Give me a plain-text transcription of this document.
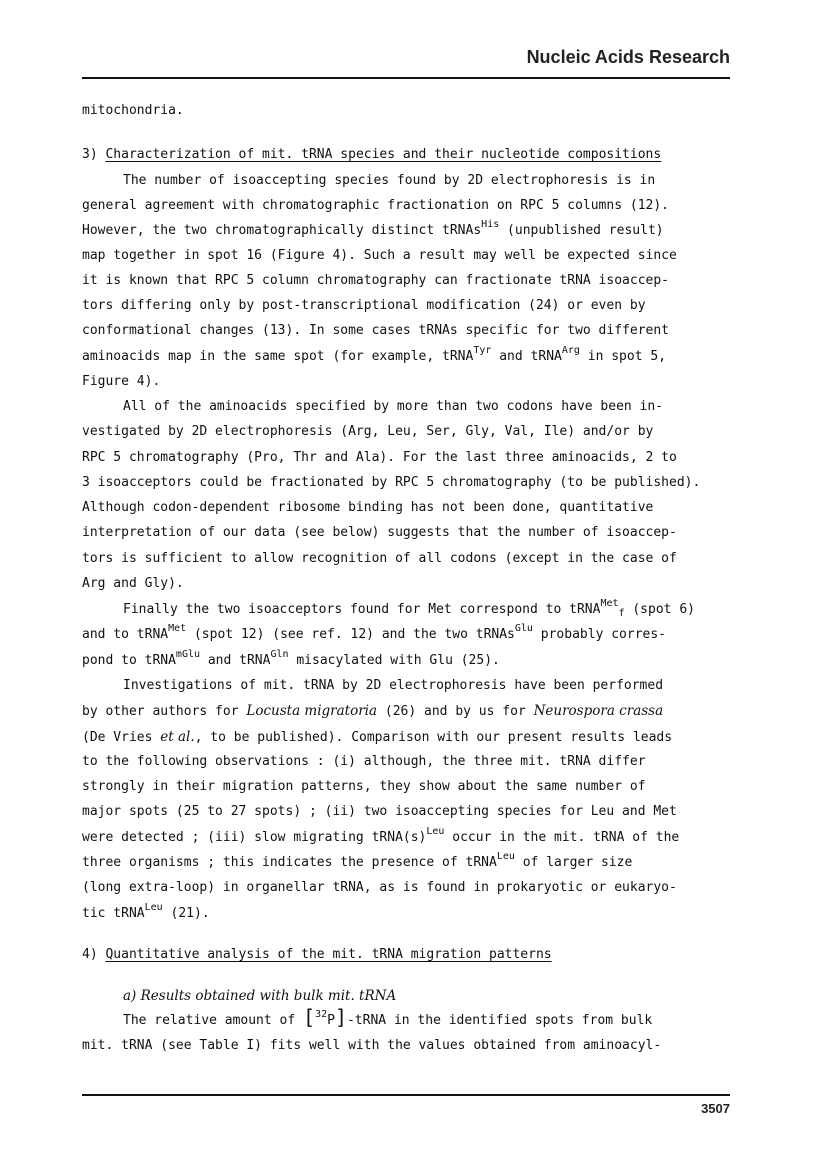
Nucleic Acids Research
mitochondria.
3) Characterization of mit. tRNA species and their nucleotide compositions
The number of isoaccepting species found by 2D electrophoresis is in
general agreement with chromatographic fractionation on RPC 5 columns (12).
However, the two chromatographically distinct tRNAs$^{His}$ (unpublished result)
map together in spot 16 (Figure 4). Such a result may well be expected since
it is known that RPC 5 column chromatography can fractionate tRNA isoaccep-
tors differing only by post-transcriptional modification (24) or even by
conformational changes (13). In some cases tRNAs specific for two different
aminoacids map in the same spot (for example, tRNA$^{Tyr}$ and tRNA$^{Arg}$ in spot 5,
Figure 4).
All of the aminoacids specified by more than two codons have been in-
vestigated by 2D electrophoresis (Arg, Leu, Ser, Gly, Val, Ile) and/or by
RPC 5 chromatography (Pro, Thr and Ala). For the last three aminoacids, 2 to
3 isoacceptors could be fractionated by RPC 5 chromatography (to be published).
Although codon-dependent ribosome binding has not been done, quantitative
interpretation of our data (see below) suggests that the number of isoaccep-
tors is sufficient to allow recognition of all codons (except in the case of
Arg and Gly).
Finally the two isoacceptors found for Met correspond to tRNA$^{Met}_f$ (spot 6)
and to tRNA$^{Met}$ (spot 12) (see ref. 12) and the two tRNAs$^{Glu}$ probably corres-
pond to tRNA$^{mGlu}$ and tRNA$^{Gln}$ misacylated with Glu (25).
Investigations of mit. tRNA by 2D electrophoresis have been performed
by other authors for Locusta migratoria (26) and by us for Neurospora crassa
(De Vries et al., to be published). Comparison with our present results leads
to the following observations : (i) although, the three mit. tRNA differ
strongly in their migration patterns, they show about the same number of
major spots (25 to 27 spots) ; (ii) two isoaccepting species for Leu and Met
were detected ; (iii) slow migrating $tRNA(s)^{Leu}$ occur in the mit. tRNA of the
three organisms ; this indicates the presence of tRNA$^{Leu}$ of larger size
(long extra-loop) in organellar tRNA, as is found in prokaryotic or eukaryo-
tic tRNA$^{Leu}$ (21).
4) Quantitative analysis of the mit. tRNA migration patterns
a) Results obtained with bulk mit. tRNA
The relative amount of [$^{32}$P]-tRNA in the identified spots from bulk
mit. tRNA (see Table I) fits well with the values obtained from aminoacyl-
3507
